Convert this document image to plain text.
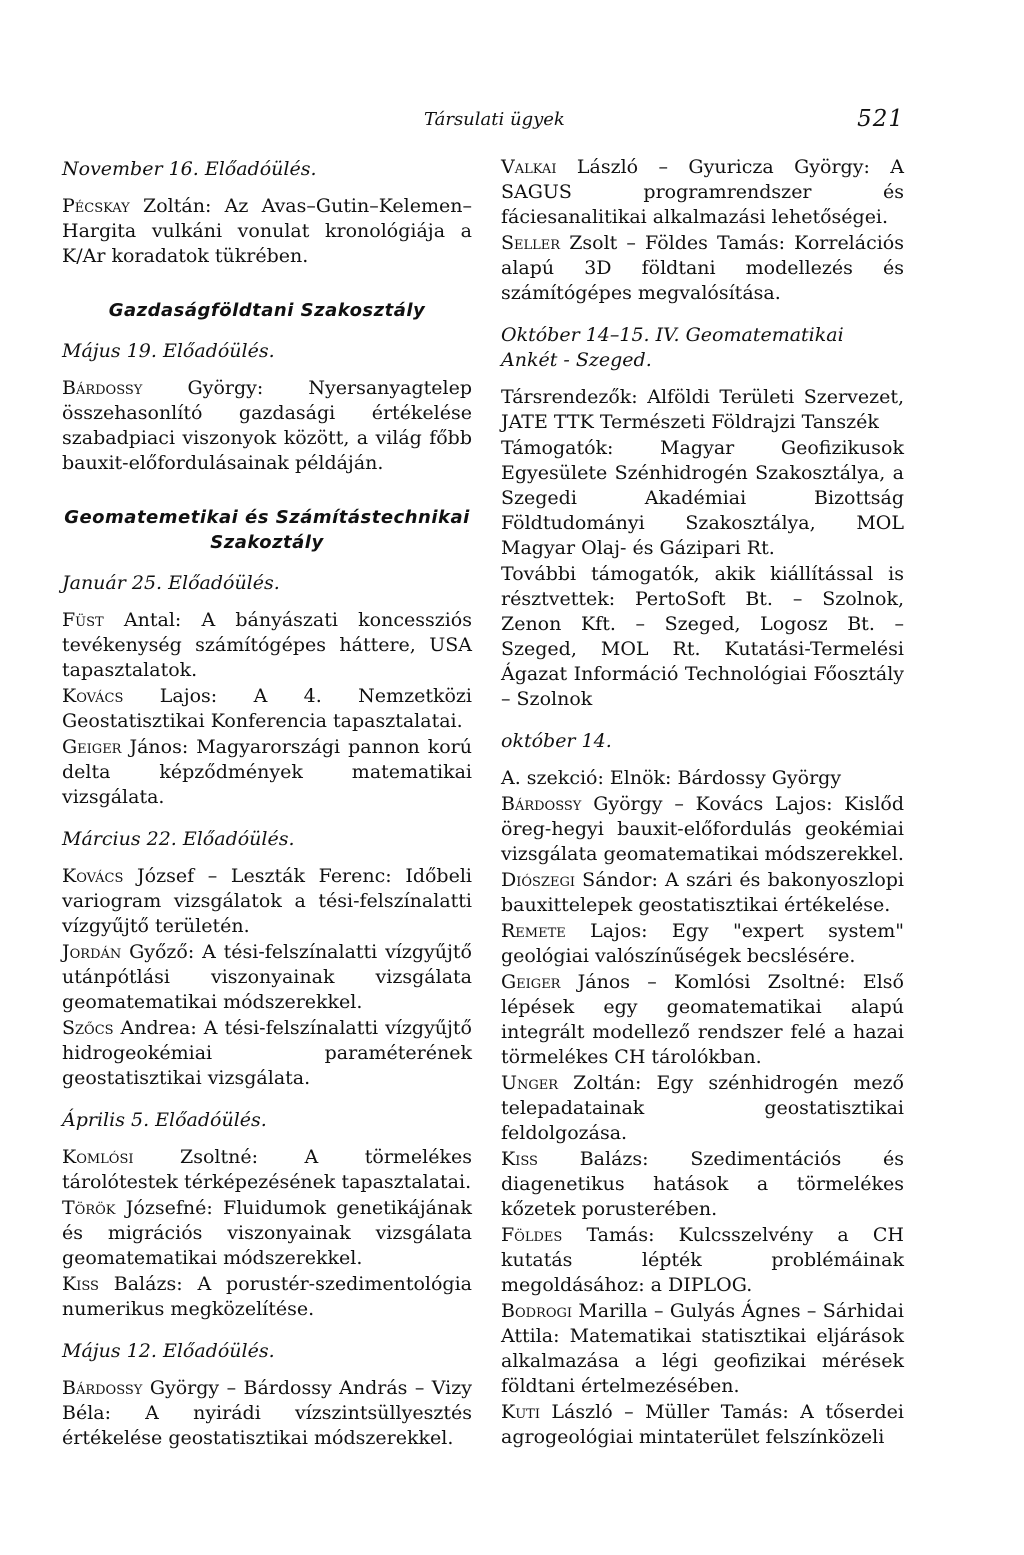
Társulati ügyek	521
November 16. Előadóülés.
Pécskay Zoltán: Az Avas–Gutin–Kelemen–Hargita vulkáni vonulat kronológiája a K/Ar koradatok tükrében.
Gazdaságföldtani Szakosztály
Május 19. Előadóülés.
Bárdossy György: Nyersanyagtelep összehasonlító gazdasági értékelése szabadpiaci viszonyok között, a világ főbb bauxit-előfordulásainak példáján.
Geomatemetikai és Számítástechnikai Szakoztály
Január 25. Előadóülés.
Füst Antal: A bányászati koncessziós tevékenység számítógépes háttere, USA tapasztalatok.
Kovács Lajos: A 4. Nemzetközi Geostatisztikai Konferencia tapasztalatai.
Geiger János: Magyarországi pannon korú delta képződmények matematikai vizsgálata.
Március 22. Előadóülés.
Kovács József – Leszták Ferenc: Időbeli variogram vizsgálatok a tési-felszínalatti vízgyűjtő területén.
Jordán Győző: A tési-felszínalatti vízgyűjtő utánpótlási viszonyainak vizsgálata geomatematikai módszerekkel.
Szőcs Andrea: A tési-felszínalatti vízgyűjtő hidrogeokémiai paraméterének geostatisztikai vizsgálata.
Április 5. Előadóülés.
Komlósi Zsoltné: A törmelékes tárolótestek térképezésének tapasztalatai.
Török Józsefné: Fluidumok genetikájának és migrációs viszonyainak vizsgálata geomatematikai módszerekkel.
Kiss Balázs: A porustér-szedimentológia numerikus megközelítése.
Május 12. Előadóülés.
Bárdossy György – Bárdossy András – Vizy Béla: A nyirádi vízszintsüllyesztés értékelése geostatisztikai módszerekkel.
Valkai László – Gyuricza György: A SAGUS programrendszer és fáciesanalitikai alkalmazási lehetőségei.
Seller Zsolt – Földes Tamás: Korrelációs alapú 3D földtani modellezés és számítógépes megvalósítása.
Október 14–15. IV. Geomatematikai Ankét - Szeged.
Társrendezők: Alföldi Területi Szervezet, JATE TTK Természeti Földrajzi Tanszék
Támogatók: Magyar Geofizikusok Egyesülete Szénhidrogén Szakosztálya, a Szegedi Akadémiai Bizottság Földtudományi Szakosztálya, MOL Magyar Olaj- és Gázipari Rt.
További támogatók, akik kiállítással is résztvettek: PertoSoft Bt. – Szolnok, Zenon Kft. – Szeged, Logosz Bt. – Szeged, MOL Rt. Kutatási-Termelési Ágazat Információ Technológiai Főosztály – Szolnok
október 14.
A. szekció: Elnök: Bárdossy György
Bárdossy György – Kovács Lajos: Kislőd öreg-hegyi bauxit-előfordulás geokémiai vizsgálata geomatematikai módszerekkel.
Diószegi Sándor: A szári és bakonyoszlopi bauxittelepek geostatisztikai értékelése.
Remete Lajos: Egy "expert system" geológiai valószínűségek becslésére.
Geiger János – Komlósi Zsoltné: Első lépések egy geomatematikai alapú integrált modellező rendszer felé a hazai törmelékes CH tárolókban.
Unger Zoltán: Egy szénhidrogén mező telepadatainak geostatisztikai feldolgozása.
Kiss Balázs: Szedimentációs és diagenetikus hatások a törmelékes kőzetek porusterében.
Földes Tamás: Kulcsszelvény a CH kutatás lépték problémáinak megoldásához: a DIPLOG.
Bodrogi Marilla – Gulyás Ágnes – Sárhidai Attila: Matematikai statisztikai eljárások alkalmazása a légi geofizikai mérések földtani értelmezésében.
Kuti László – Müller Tamás: A tőserdei agrogeológiai mintaterület felszínközeli
